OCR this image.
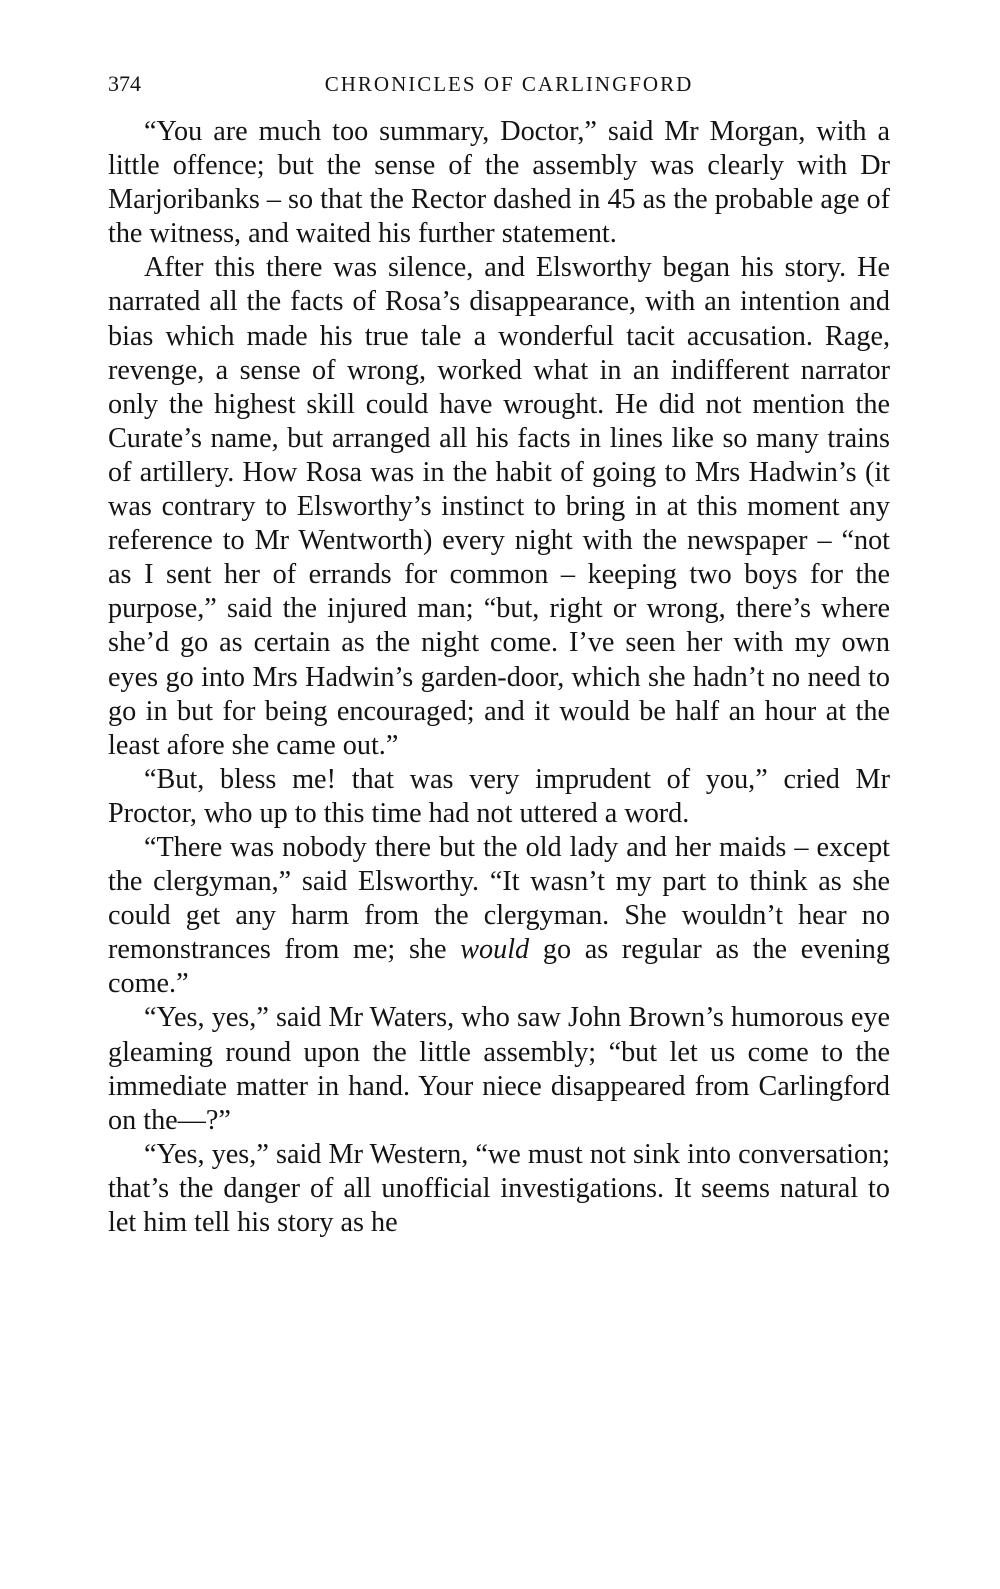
374	CHRONICLES OF CARLINGFORD

“You are much too summary, Doctor,” said Mr Morgan, with a little offence; but the sense of the assembly was clearly with Dr Marjoribanks – so that the Rector dashed in 45 as the probable age of the witness, and waited his further statement.

After this there was silence, and Elsworthy began his story. He narrated all the facts of Rosa’s disappearance, with an intention and bias which made his true tale a wonderful tacit accusation. Rage, revenge, a sense of wrong, worked what in an indifferent narrator only the highest skill could have wrought. He did not mention the Curate’s name, but arranged all his facts in lines like so many trains of artillery. How Rosa was in the habit of going to Mrs Hadwin’s (it was contrary to Elsworthy’s instinct to bring in at this moment any reference to Mr Wentworth) every night with the newspaper – “not as I sent her of errands for common – keeping two boys for the purpose,” said the injured man; “but, right or wrong, there’s where she’d go as certain as the night come. I’ve seen her with my own eyes go into Mrs Hadwin’s garden-door, which she hadn’t no need to go in but for being encouraged; and it would be half an hour at the least afore she came out.”

“But, bless me! that was very imprudent of you,” cried Mr Proctor, who up to this time had not uttered a word.

“There was nobody there but the old lady and her maids – except the clergyman,” said Elsworthy. “It wasn’t my part to think as she could get any harm from the clergyman. She wouldn’t hear no remonstrances from me; she would go as regular as the evening come.”

“Yes, yes,” said Mr Waters, who saw John Brown’s humorous eye gleaming round upon the little assembly; “but let us come to the immediate matter in hand. Your niece disappeared from Carlingford on the—?”

“Yes, yes,” said Mr Western, “we must not sink into conversation; that’s the danger of all unofficial investigations. It seems natural to let him tell his story as he
